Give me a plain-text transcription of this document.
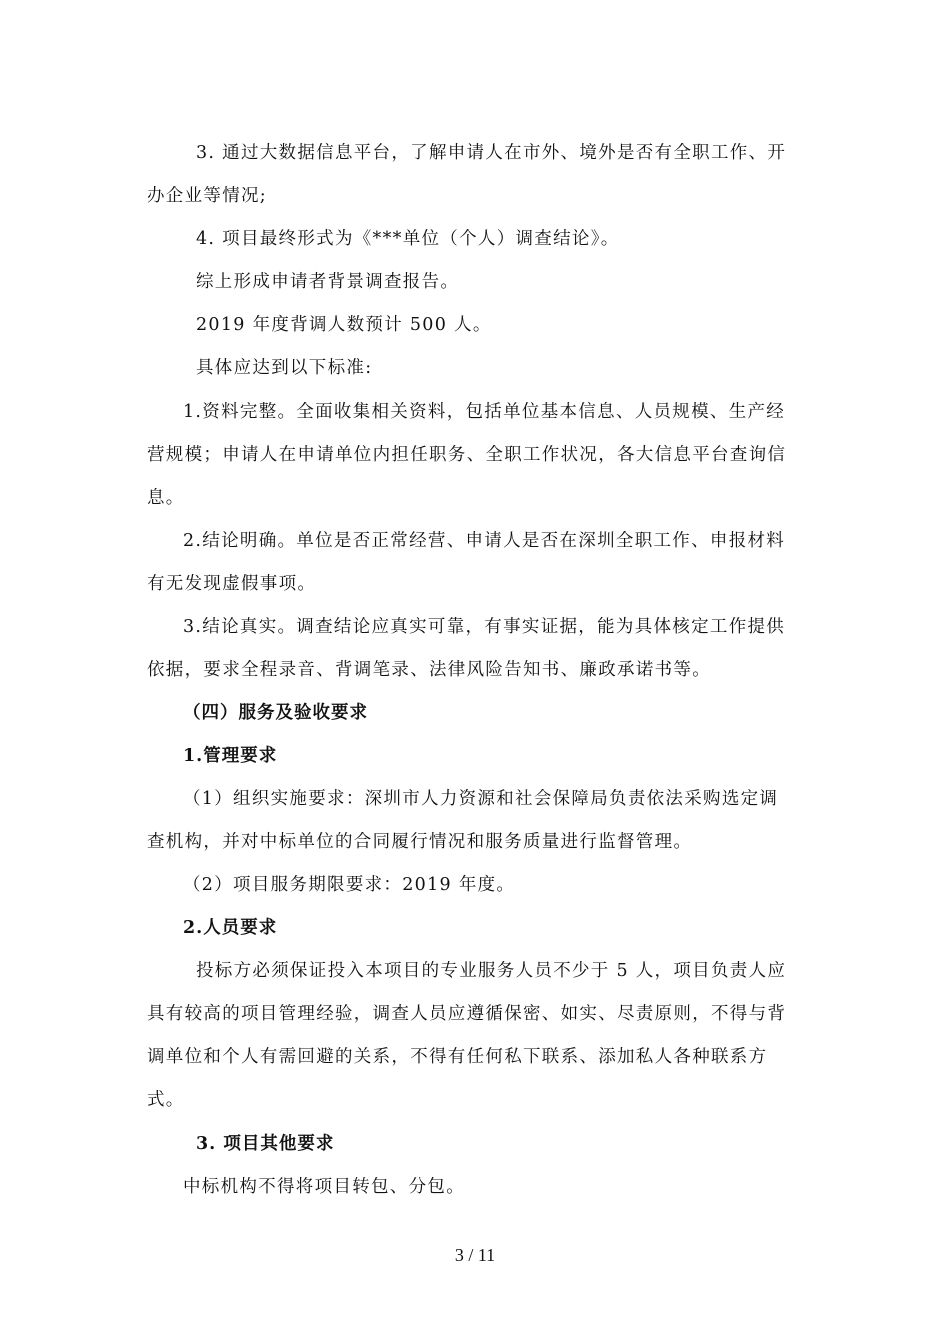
3. 通过大数据信息平台，了解申请人在市外、境外是否有全职工作、开
办企业等情况;
4. 项目最终形式为《***单位（个人）调查结论》。
综上形成申请者背景调查报告。
2019 年度背调人数预计 500 人。
具体应达到以下标准:
1.资料完整。全面收集相关资料，包括单位基本信息、人员规模、生产经
营规模；申请人在申请单位内担任职务、全职工作状况，各大信息平台查询信
息。
2.结论明确。单位是否正常经营、申请人是否在深圳全职工作、申报材料
有无发现虚假事项。
3.结论真实。调查结论应真实可靠，有事实证据，能为具体核定工作提供
依据，要求全程录音、背调笔录、法律风险告知书、廉政承诺书等。
（四）服务及验收要求
1.管理要求
（1）组织实施要求：深圳市人力资源和社会保障局负责依法采购选定调
查机构，并对中标单位的合同履行情况和服务质量进行监督管理。
（2）项目服务期限要求：2019 年度。
2.人员要求
投标方必须保证投入本项目的专业服务人员不少于 5 人，项目负责人应
具有较高的项目管理经验，调查人员应遵循保密、如实、尽责原则，不得与背
调单位和个人有需回避的关系，不得有任何私下联系、添加私人各种联系方
式。
3. 项目其他要求
中标机构不得将项目转包、分包。
3 / 11
